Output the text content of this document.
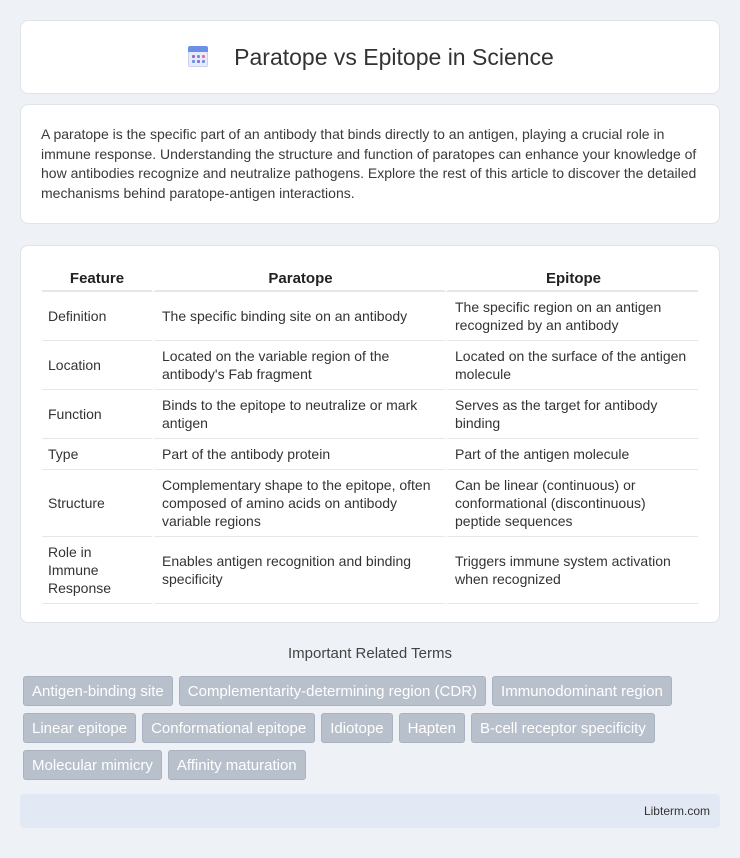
Paratope vs Epitope in Science

A paratope is the specific part of an antibody that binds directly to an antigen, playing a crucial role in immune response. Understanding the structure and function of paratopes can enhance your knowledge of how antibodies recognize and neutralize pathogens. Explore the rest of this article to discover the detailed mechanisms behind paratope-antigen interactions.

Feature	Paratope	Epitope
Definition	The specific binding site on an antibody	The specific region on an antigen recognized by an antibody
Location	Located on the variable region of the antibody's Fab fragment	Located on the surface of the antigen molecule
Function	Binds to the epitope to neutralize or mark antigen	Serves as the target for antibody binding
Type	Part of the antibody protein	Part of the antigen molecule
Structure	Complementary shape to the epitope, often composed of amino acids on antibody variable regions	Can be linear (continuous) or conformational (discontinuous) peptide sequences
Role in Immune Response	Enables antigen recognition and binding specificity	Triggers immune system activation when recognized
Important Related Terms
Antigen-binding site	Complementarity-determining region (CDR)	Immunodominant region
Linear epitope	Conformational epitope	Idiotope	Hapten	B-cell receptor specificity
Molecular mimicry	Affinity maturation
Libterm.com
